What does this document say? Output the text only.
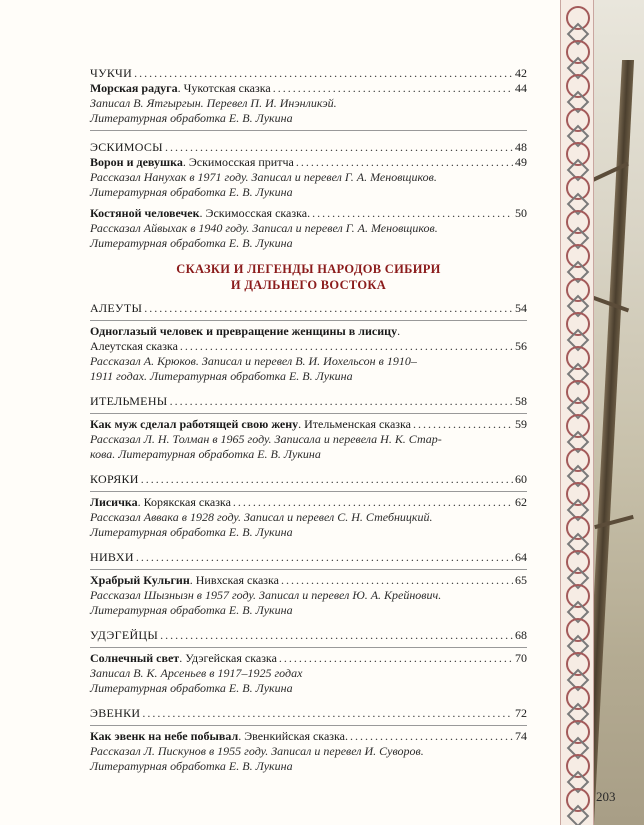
ЧУКЧИ .....	42
Морская радуга. Чукотская сказка .....	44
Записал В. Ятгыргын. Перевел П. И. Инэнликэй.
Литературная обработка Е. В. Лукина
ЭСКИМОСЫ .....	48
Ворон и девушка. Эскимосская притча .....	49
Рассказал Нанухак в 1971 году. Записал и перевел Г. А. Меновщиков.
Литературная обработка Е. В. Лукина
Костяной человечек. Эскимосская сказка. .....	50
Рассказал Айвыхак в 1940 году. Записал и перевел Г. А. Меновщиков.
Литературная обработка Е. В. Лукина
СКАЗКИ И ЛЕГЕНДЫ НАРОДОВ СИБИРИ
И ДАЛЬНЕГО ВОСТОКА
АЛЕУТЫ .....	54
Одноглазый человек и превращение женщины в лисицу.
Алеутская сказка .....	56
Рассказал А. Крюков. Записал и перевел В. И. Иохельсон в 1910–
1911 годах. Литературная обработка Е. В. Лукина
ИТЕЛЬМЕНЫ .....	58
Как муж сделал работящей свою жену. Ительменская сказка .....	59
Рассказал Л. Н. Толман в 1965 году. Записала и перевела Н. К. Стар-
кова. Литературная обработка Е. В. Лукина
КОРЯКИ .....	60
Лисичка. Корякская сказка .....	62
Рассказал Аввака в 1928 году. Записал и перевел С. Н. Стебницкий.
Литературная обработка Е. В. Лукина
НИВХИ .....	64
Храбрый Кульгин. Нивхская сказка .....	65
Рассказал Шызнызн в 1957 году. Записал и перевел Ю. А. Крейнович.
Литературная обработка Е. В. Лукина
УДЭГЕЙЦЫ .....	68
Солнечный свет. Удэгейская сказка .....	70
Записал В. К. Арсеньев в 1917–1925 годах
Литературная обработка Е. В. Лукина
ЭВЕНКИ .....	72
Как эвенк на небе побывал. Эвенкийская сказка. .....	74
Рассказал Л. Пискунов в 1955 году. Записал и перевел И. Суворов.
Литературная обработка Е. В. Лукина
203
